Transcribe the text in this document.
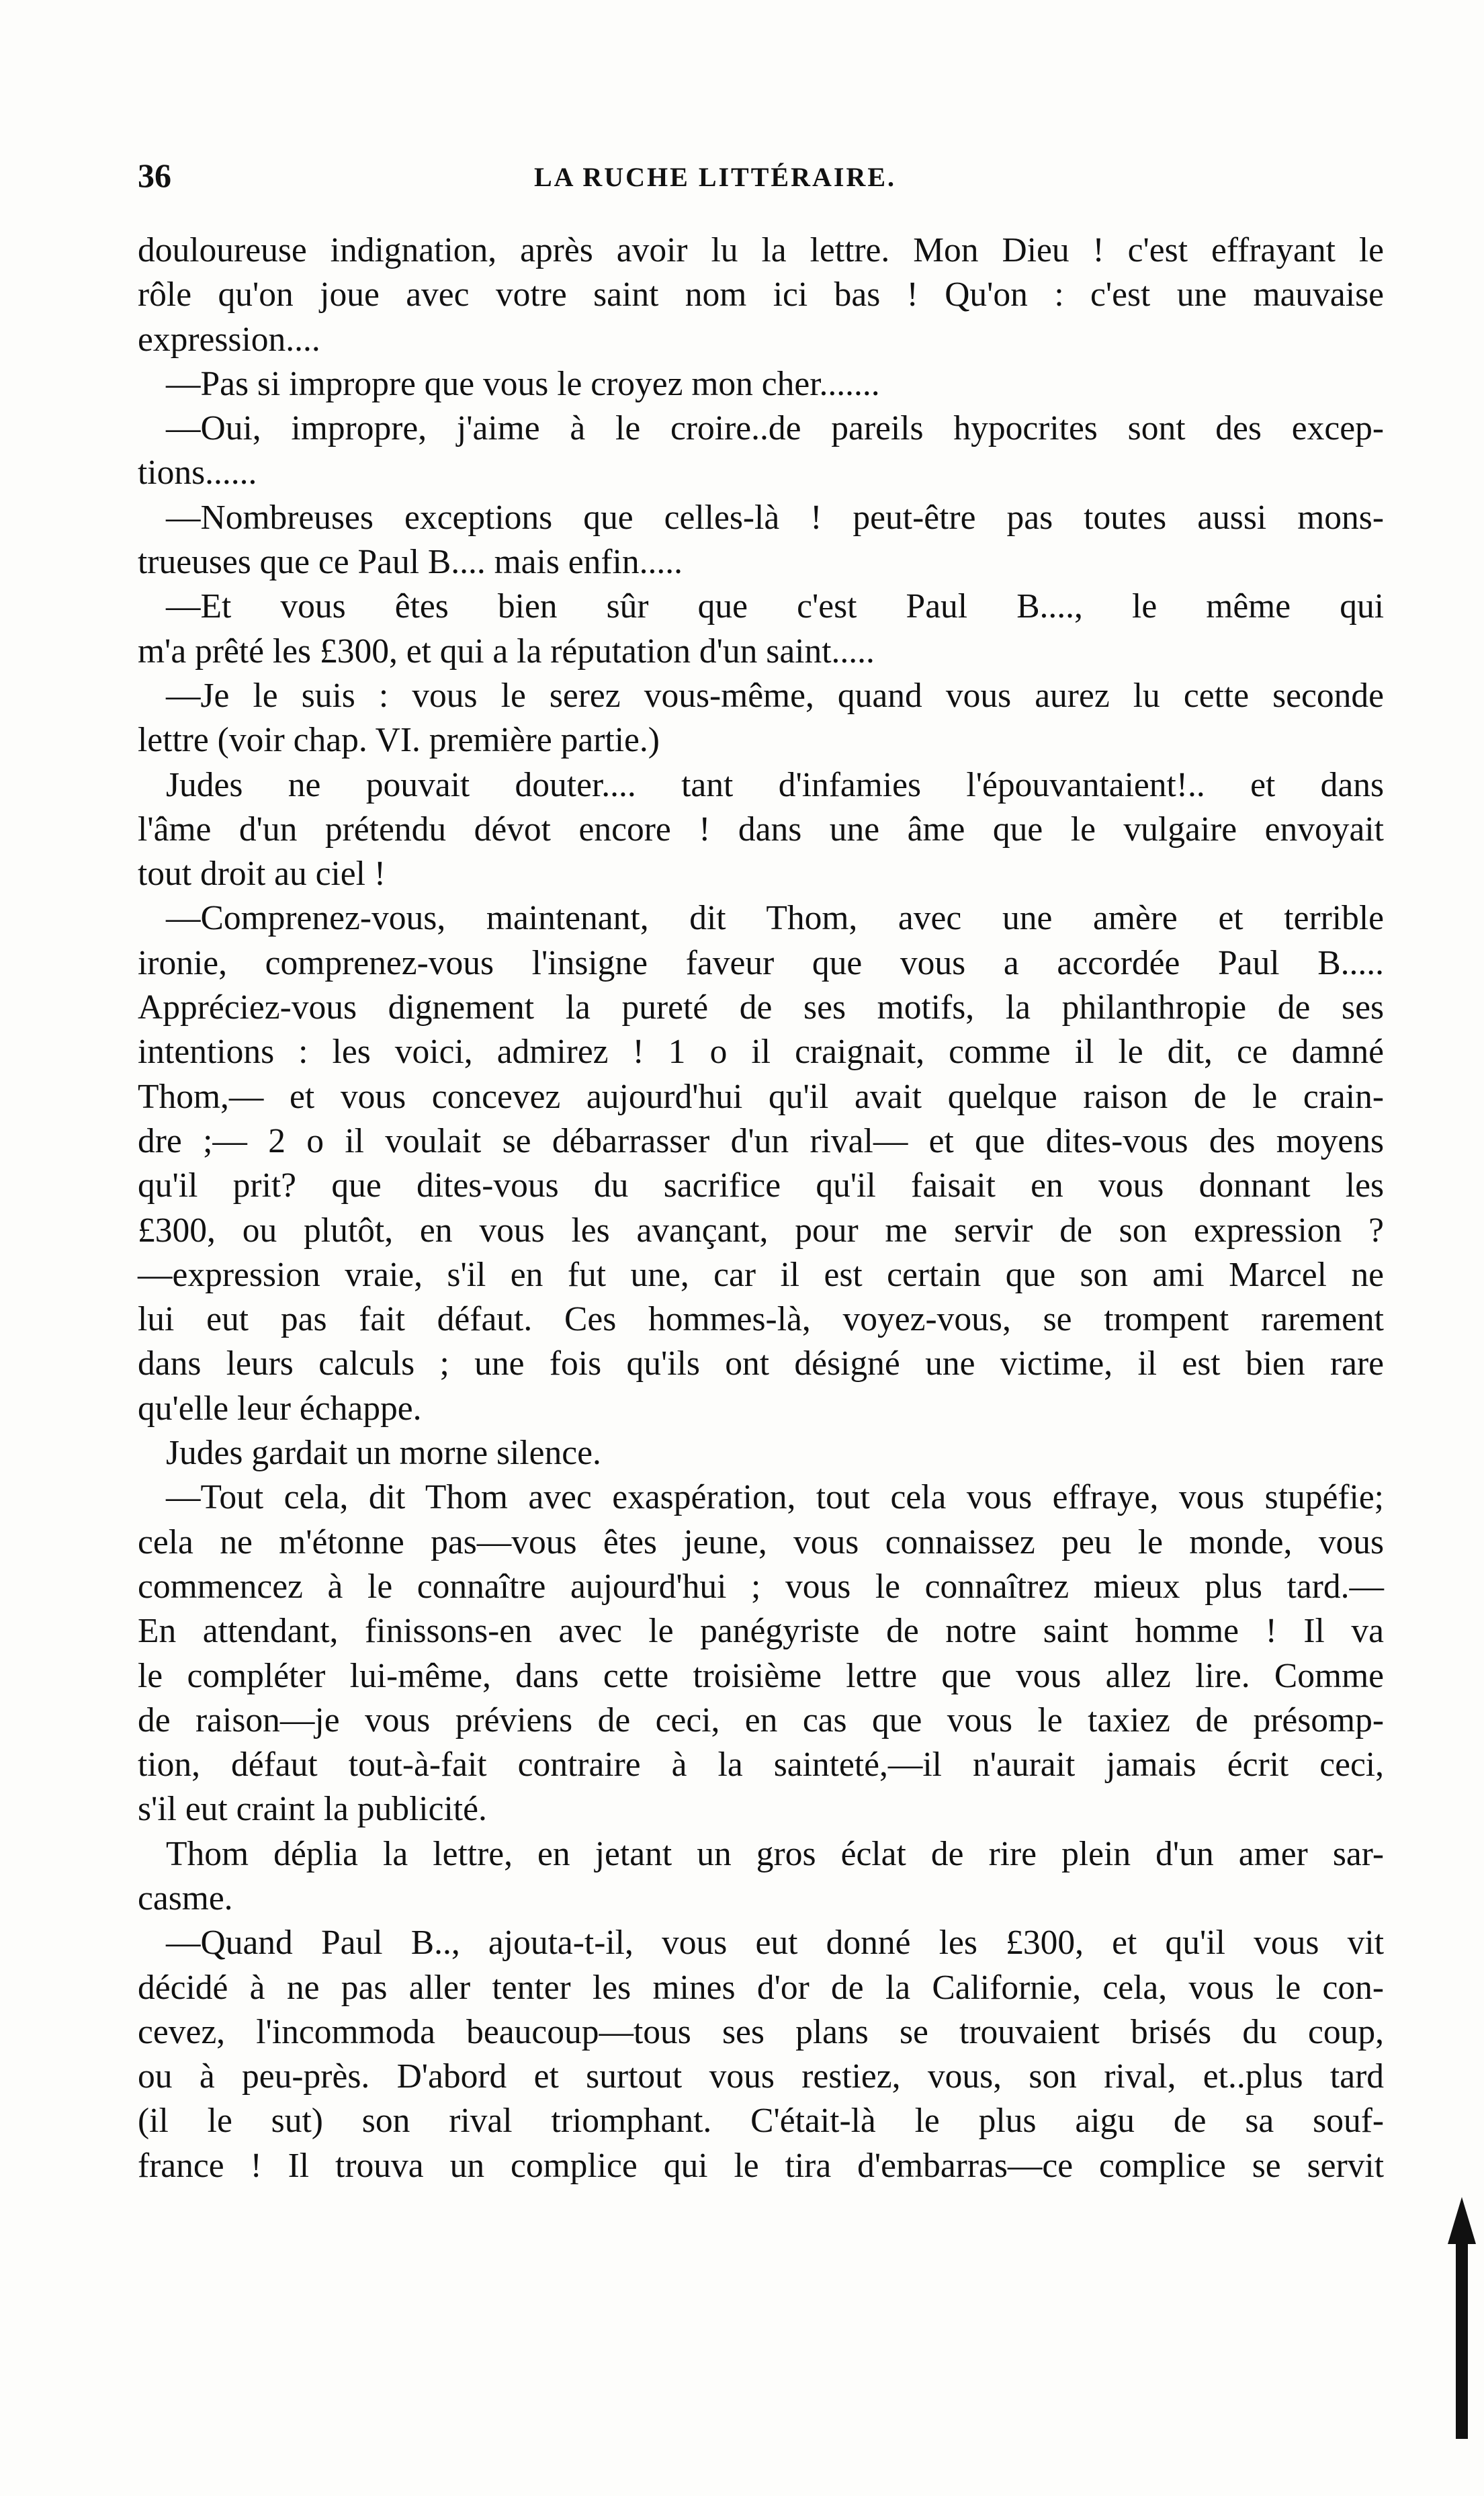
36	LA RUCHE LITTÉRAIRE.
douloureuse indignation, après avoir lu la lettre. Mon Dieu ! c'est effrayant le
rôle qu'on joue avec votre saint nom ici bas ! Qu'on : c'est une mauvaise
expression....
—Pas si impropre que vous le croyez mon cher.......
—Oui, impropre, j'aime à le croire..de pareils hypocrites sont des excep-
tions......
—Nombreuses exceptions que celles-là ! peut-être pas toutes aussi mons-
trueuses que ce Paul B.... mais enfin.....
—Et vous êtes bien sûr que c'est Paul B...., le même qui
m'a prêté les £300, et qui a la réputation d'un saint.....
—Je le suis : vous le serez vous-même, quand vous aurez lu cette seconde
lettre (voir chap. VI. première partie.)
Judes ne pouvait douter.... tant d'infamies l'épouvantaient!.. et dans
l'âme d'un prétendu dévot encore ! dans une âme que le vulgaire envoyait
tout droit au ciel !
—Comprenez-vous, maintenant, dit Thom, avec une amère et terrible
ironie, comprenez-vous l'insigne faveur que vous a accordée Paul B.....
Appréciez-vous dignement la pureté de ses motifs, la philanthropie de ses
intentions : les voici, admirez ! 1 o il craignait, comme il le dit, ce damné
Thom,— et vous concevez aujourd'hui qu'il avait quelque raison de le crain-
dre ;— 2 o il voulait se débarrasser d'un rival— et que dites-vous des moyens
qu'il prit? que dites-vous du sacrifice qu'il faisait en vous donnant les
£300, ou plutôt, en vous les avançant, pour me servir de son expression ?
—expression vraie, s'il en fut une, car il est certain que son ami Marcel ne
lui eut pas fait défaut. Ces hommes-là, voyez-vous, se trompent rarement
dans leurs calculs ; une fois qu'ils ont désigné une victime, il est bien rare
qu'elle leur échappe.
Judes gardait un morne silence.
—Tout cela, dit Thom avec exaspération, tout cela vous effraye, vous stupéfie;
cela ne m'étonne pas—vous êtes jeune, vous connaissez peu le monde, vous
commencez à le connaître aujourd'hui ; vous le connaîtrez mieux plus tard.—
En attendant, finissons-en avec le panégyriste de notre saint homme ! Il va
le compléter lui-même, dans cette troisième lettre que vous allez lire. Comme
de raison—je vous préviens de ceci, en cas que vous le taxiez de présomp-
tion, défaut tout-à-fait contraire à la sainteté,—il n'aurait jamais écrit ceci,
s'il eut craint la publicité.
Thom déplia la lettre, en jetant un gros éclat de rire plein d'un amer sar-
casme.
—Quand Paul B.., ajouta-t-il, vous eut donné les £300, et qu'il vous vit
décidé à ne pas aller tenter les mines d'or de la Californie, cela, vous le con-
cevez, l'incommoda beaucoup—tous ses plans se trouvaient brisés du coup,
ou à peu-près. D'abord et surtout vous restiez, vous, son rival, et..plus tard
(il le sut) son rival triomphant. C'était-là le plus aigu de sa souf-
france ! Il trouva un complice qui le tira d'embarras—ce complice se servit
